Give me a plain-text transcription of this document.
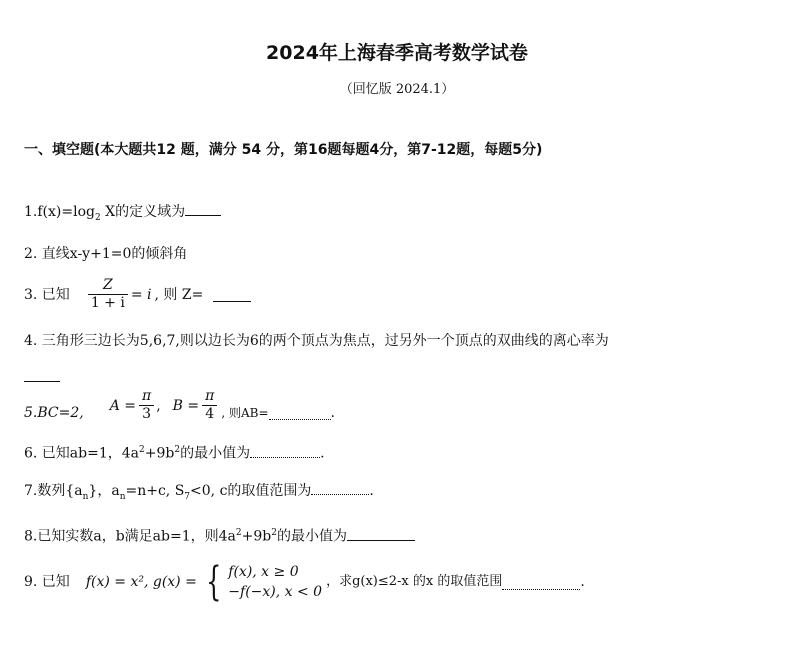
2024年上海春季高考数学试卷
（回忆版 2024.1）
一、填空题(本大题共12 题，满分 54 分，第16题每题4分，第7-12题，每题5分)
$1.f(x)=\log_2$ X的定义域为
2. 直线x-y+1=0的倾斜角
3. 已知 $\frac{Z}{1 + i} = i$ , 则 Z=
4. 三角形三边长为5,6,7,则以边长为6的两个顶点为焦点，过另外一个顶点的双曲线的离心率为
5.BC=2, $A = \frac{\pi}{3}$ , $B = \frac{\pi}{4}$ , 则AB=	.
6. 已知ab=1，$4a^2+9b^2$的最小值为	.
7.数列$\{a_n\}$，$a_n=n+c$, $S_7<0$, c的取值范围为	.
8.已知实数a，b满足ab=1，则$4a^2+9b^2$的最小值为
9. 已知 f(x) = x², g(x) = { f(x), x ≥ 0
−f(−x), x < 0
，求g(x)≤2-x 的x 的取值范围	.
